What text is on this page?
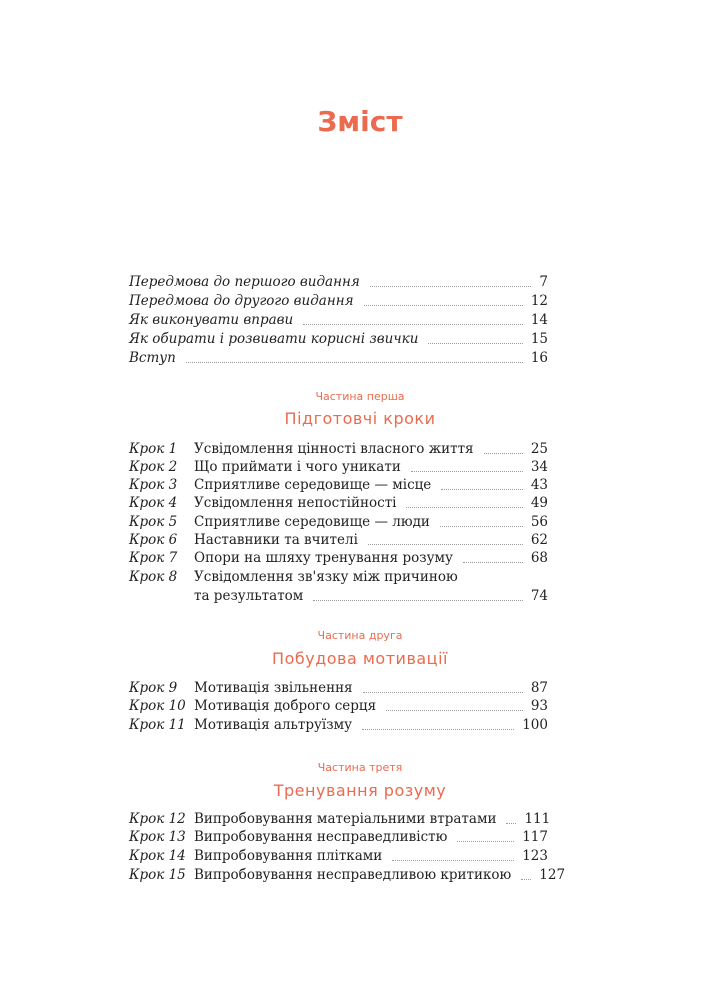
Зміст
Передмова до першого видання	7
Передмова до другого видання	12
Як виконувати вправи	14
Як обирати і розвивати корисні звички	15
Вступ	16
Частина перша
Підготовчі кроки
Крок 1	Усвідомлення цінності власного життя	25
Крок 2	Що приймати і чого уникати	34
Крок 3	Сприятливе середовище — місце	43
Крок 4	Усвідомлення непостійності	49
Крок 5	Сприятливе середовище — люди	56
Крок 6	Наставники та вчителі	62
Крок 7	Опори на шляху тренування розуму	68
Крок 8	Усвідомлення зв'язку між причиною
та результатом	74
Частина друга
Побудова мотивації
Крок 9	Мотивація звільнення	87
Крок 10 Мотивація доброго серця	93
Крок 11 Мотивація альтруїзму	100
Частина третя
Тренування розуму
Крок 12 Випробовування матеріальними втратами 111
Крок 13 Випробовування несправедливістю	117
Крок 14 Випробовування плітками	123
Крок 15 Випробовування несправедливою критикою 127
